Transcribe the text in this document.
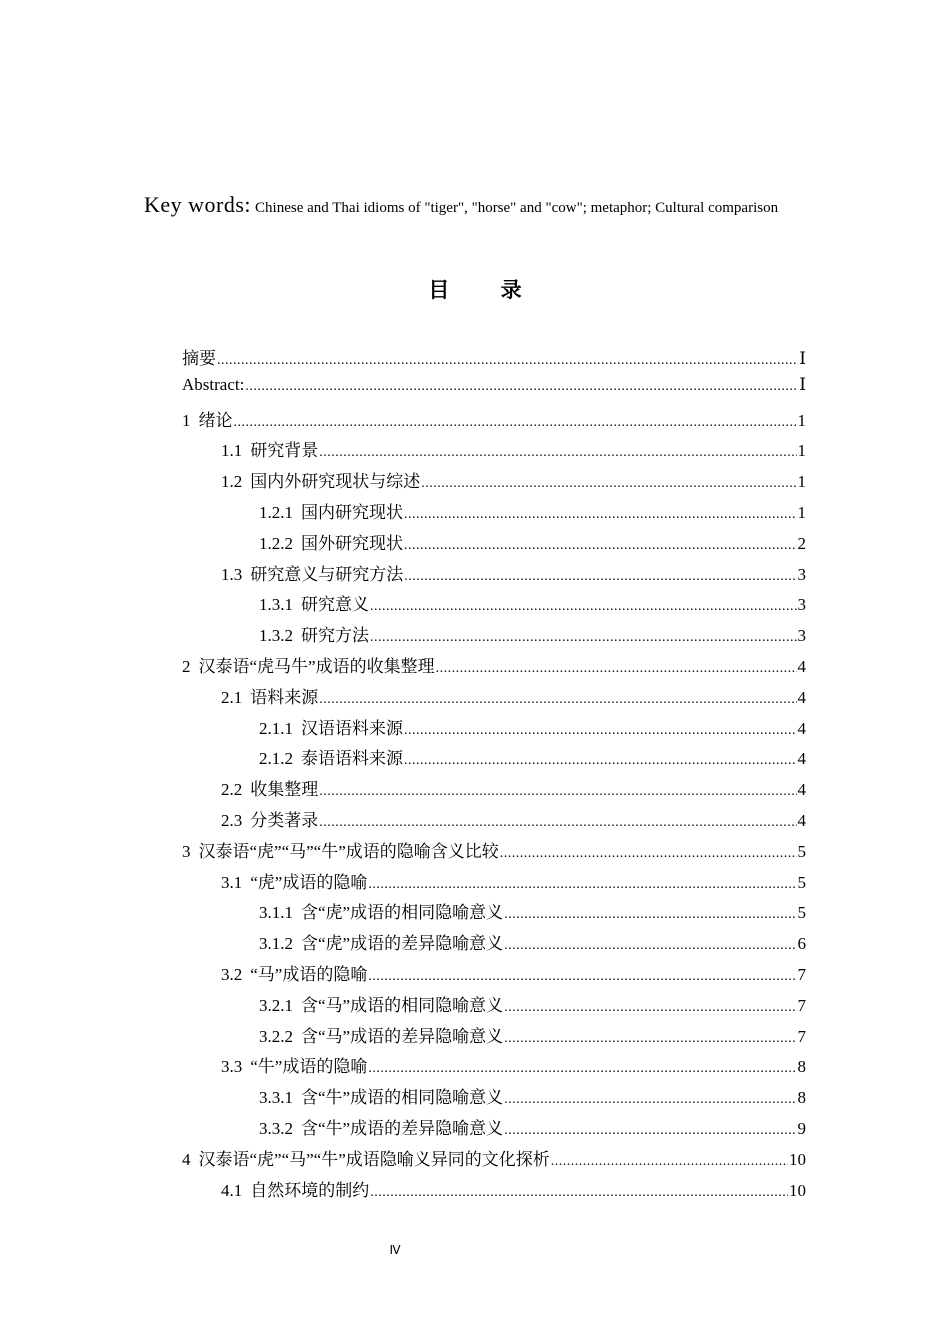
Key words: Chinese and Thai idioms of "tiger", "horse" and "cow"; metaphor; Cultural comparison
目 录
摘要 .....	Ⅰ
Abstract: .....	Ⅰ
1 绪论 .....	1
1.1 研究背景 .....	1
1.2 国内外研究现状与综述 .....	1
1.2.1 国内研究现状 .....	1
1.2.2 国外研究现状 .....	2
1.3 研究意义与研究方法 .....	3
1.3.1 研究意义 .....	3
1.3.2 研究方法 .....	3
2 汉泰语“虎马牛”成语的收集整理 .....	4
2.1 语料来源 .....	4
2.1.1 汉语语料来源 .....	4
2.1.2 泰语语料来源 .....	4
2.2 收集整理 .....	4
2.3 分类著录 .....	4
3 汉泰语“虎”“马”“牛”成语的隐喻含义比较 .....	5
3.1 “虎”成语的隐喻 .....	5
3.1.1 含“虎”成语的相同隐喻意义 .....	5
3.1.2 含“虎”成语的差异隐喻意义 .....	6
3.2 “马”成语的隐喻 .....	7
3.2.1 含“马”成语的相同隐喻意义 .....	7
3.2.2 含“马”成语的差异隐喻意义 .....	7
3.3 “牛”成语的隐喻 .....	8
3.3.1 含“牛”成语的相同隐喻意义 .....	8
3.3.2 含“牛”成语的差异隐喻意义 .....	9
4 汉泰语“虎”“马”“牛”成语隐喻义异同的文化探析 .....	10
4.1 自然环境的制约 .....	10
Ⅳ
